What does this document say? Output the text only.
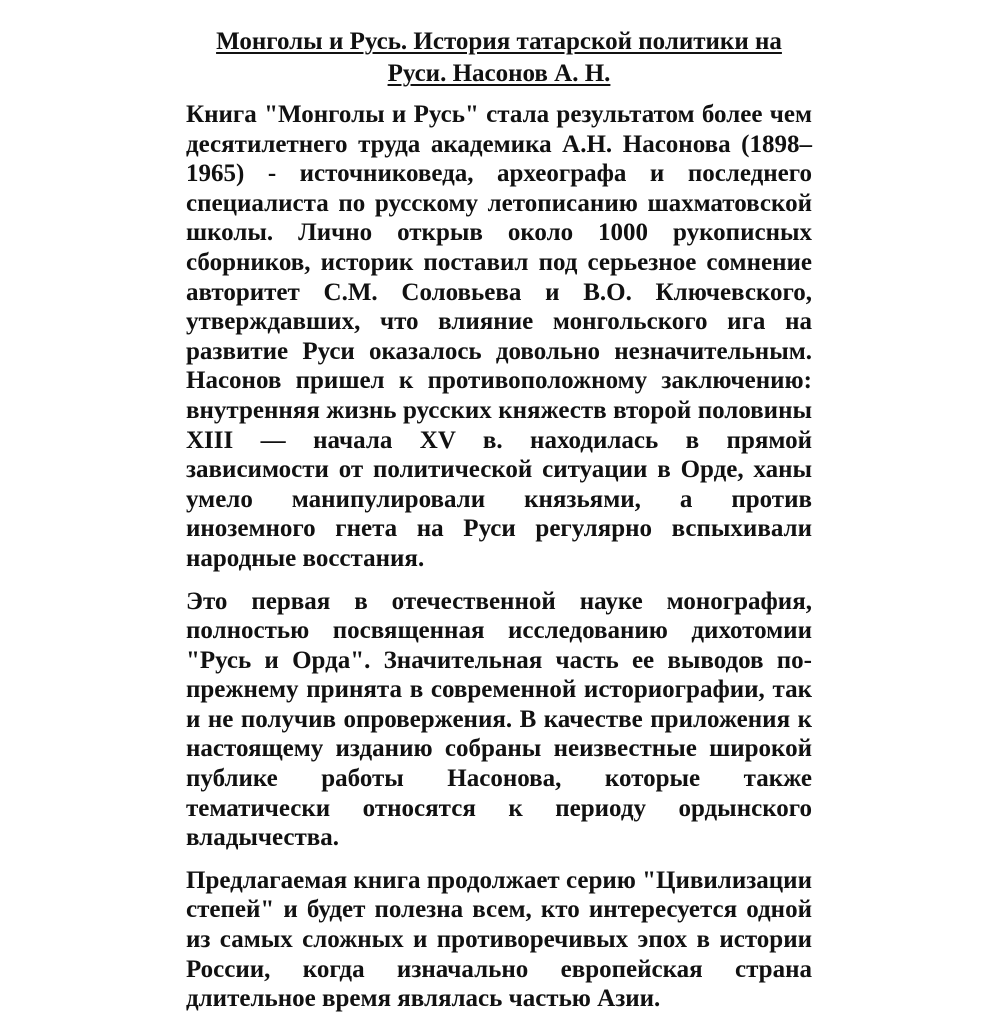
Монголы и Русь. История татарской политики на Руси. Насонов А. Н.

Книга "Монголы и Русь" стала результатом более чем десятилетнего труда академика А.Н. Насонова (1898–1965) - источниковеда, археографа и последнего специалиста по русскому летописанию шахматовской школы. Лично открыв около 1000 рукописных сборников, историк поставил под серьезное сомнение авторитет С.М. Соловьева и В.О. Ключевского, утверждавших, что влияние монгольского ига на развитие Руси оказалось довольно незначительным. Насонов пришел к противоположному заключению: внутренняя жизнь русских княжеств второй половины XIII — начала XV в. находилась в прямой зависимости от политической ситуации в Орде, ханы умело манипулировали князьями, а против иноземного гнета на Руси регулярно вспыхивали народные восстания.

Это первая в отечественной науке монография, полностью посвященная исследованию дихотомии "Русь и Орда". Значительная часть ее выводов по-прежнему принята в современной историографии, так и не получив опровержения. В качестве приложения к настоящему изданию собраны неизвестные широкой публике работы Насонова, которые также тематически относятся к периоду ордынского владычества.

Предлагаемая книга продолжает серию "Цивилизации степей" и будет полезна всем, кто интересуется одной из самых сложных и противоречивых эпох в истории России, когда изначально европейская страна длительное время являлась частью Азии.
